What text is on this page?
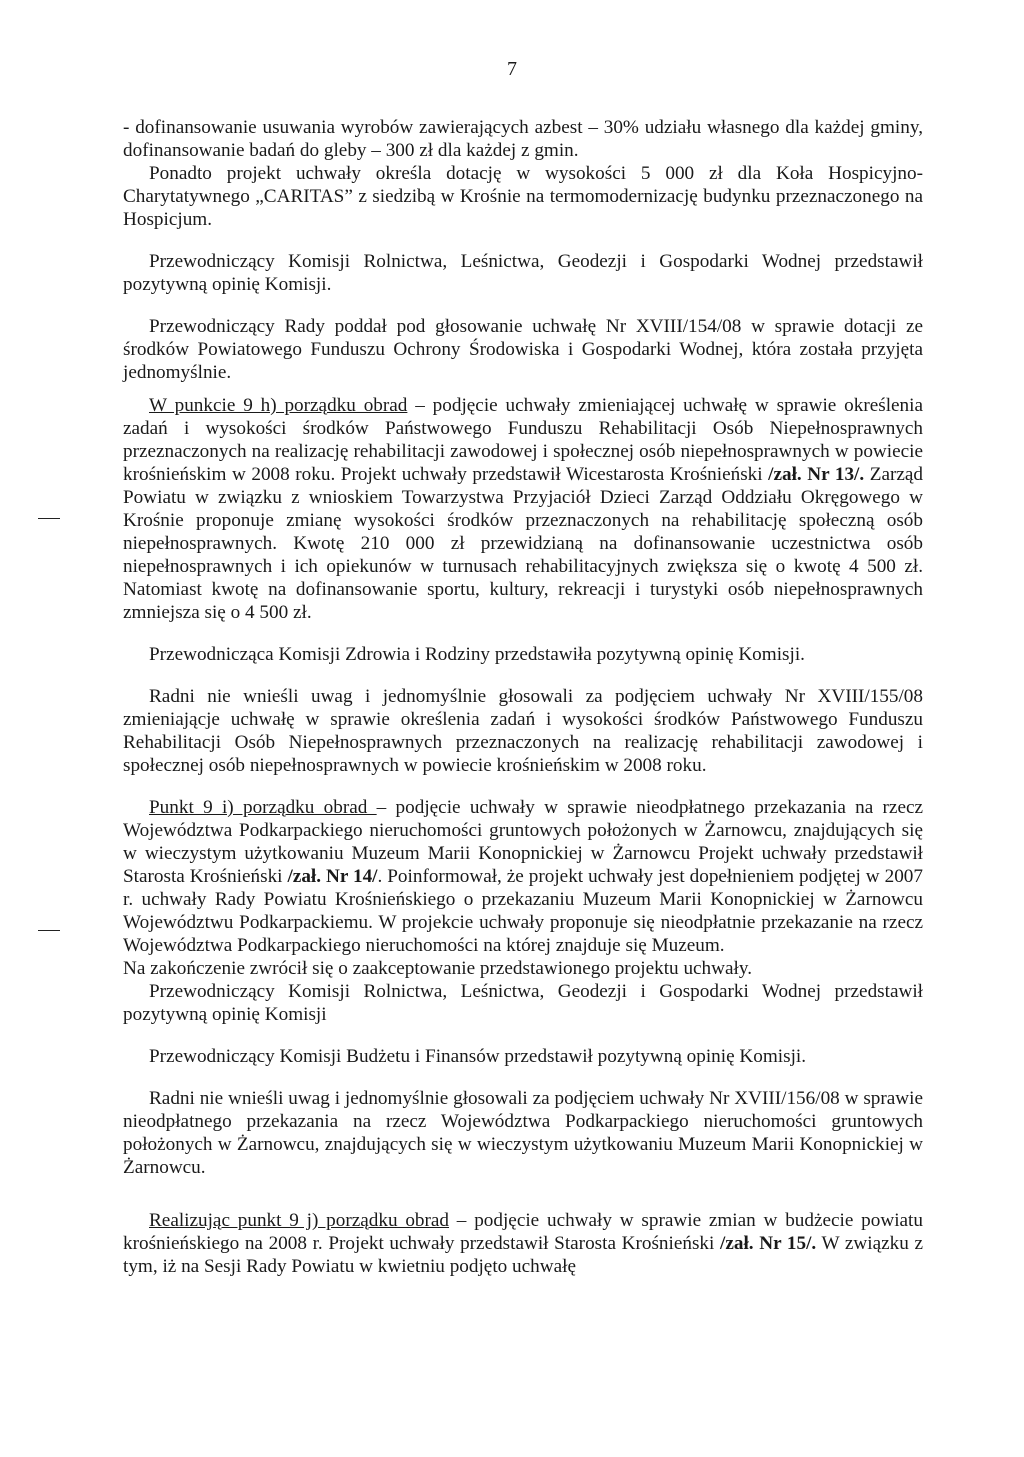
7

- dofinansowanie usuwania wyrobów zawierających azbest – 30% udziału własnego dla każdej gminy, dofinansowanie badań do gleby – 300 zł dla każdej z gmin.

Ponadto projekt uchwały określa dotację w wysokości 5 000 zł dla Koła Hospicyjno-Charytatywnego „CARITAS” z siedzibą w Krośnie na termomodernizację budynku przeznaczonego na Hospicjum.

Przewodniczący Komisji Rolnictwa, Leśnictwa, Geodezji i Gospodarki Wodnej przedstawił pozytywną opinię Komisji.

Przewodniczący Rady poddał pod głosowanie uchwałę Nr XVIII/154/08 w sprawie dotacji ze środków Powiatowego Funduszu Ochrony Środowiska i Gospodarki Wodnej, która została przyjęta jednomyślnie.

W punkcie 9 h) porządku obrad – podjęcie uchwały zmieniającej uchwałę w sprawie określenia zadań i wysokości środków Państwowego Funduszu Rehabilitacji Osób Niepełnosprawnych przeznaczonych na realizację rehabilitacji zawodowej i społecznej osób niepełnosprawnych w powiecie krośnieńskim w 2008 roku. Projekt uchwały przedstawił Wicestarosta Krośnieński /zał. Nr 13/. Zarząd Powiatu w związku z wnioskiem Towarzystwa Przyjaciół Dzieci Zarząd Oddziału Okręgowego w Krośnie proponuje zmianę wysokości środków przeznaczonych na rehabilitację społeczną osób niepełnosprawnych. Kwotę 210 000 zł przewidzianą na dofinansowanie uczestnictwa osób niepełnosprawnych i ich opiekunów w turnusach rehabilitacyjnych zwiększa się o kwotę 4 500 zł. Natomiast kwotę na dofinansowanie sportu, kultury, rekreacji i turystyki osób niepełnosprawnych zmniejsza się o 4 500 zł.

Przewodnicząca Komisji Zdrowia i Rodziny przedstawiła pozytywną opinię Komisji.

Radni nie wnieśli uwag i jednomyślnie głosowali za podjęciem uchwały Nr XVIII/155/08 zmieniającje uchwałę w sprawie określenia zadań i wysokości środków Państwowego Funduszu Rehabilitacji Osób Niepełnosprawnych przeznaczonych na realizację rehabilitacji zawodowej i społecznej osób niepełnosprawnych w powiecie krośnieńskim w 2008 roku.

Punkt 9 i) porządku obrad – podjęcie uchwały w sprawie nieodpłatnego przekazania na rzecz Województwa Podkarpackiego nieruchomości gruntowych położonych w Żarnowcu, znajdujących się w wieczystym użytkowaniu Muzeum Marii Konopnickiej w Żarnowcu Projekt uchwały przedstawił Starosta Krośnieński /zał. Nr 14/. Poinformował, że projekt uchwały jest dopełnieniem podjętej w 2007 r. uchwały Rady Powiatu Krośnieńskiego o przekazaniu Muzeum Marii Konopnickiej w Żarnowcu Województwu Podkarpackiemu. W projekcie uchwały proponuje się nieodpłatnie przekazanie na rzecz Województwa Podkarpackiego nieruchomości na której znajduje się Muzeum.

Na zakończenie zwrócił się o zaakceptowanie przedstawionego projektu uchwały.

Przewodniczący Komisji Rolnictwa, Leśnictwa, Geodezji i Gospodarki Wodnej przedstawił pozytywną opinię Komisji

Przewodniczący Komisji Budżetu i Finansów przedstawił pozytywną opinię Komisji.

Radni nie wnieśli uwag i jednomyślnie głosowali za podjęciem uchwały Nr XVIII/156/08 w sprawie nieodpłatnego przekazania na rzecz Województwa Podkarpackiego nieruchomości gruntowych położonych w Żarnowcu, znajdujących się w wieczystym użytkowaniu Muzeum Marii Konopnickiej w Żarnowcu.

Realizując punkt 9 j) porządku obrad – podjęcie uchwały w sprawie zmian w budżecie powiatu krośnieńskiego na 2008 r. Projekt uchwały przedstawił Starosta Krośnieński /zał. Nr 15/. W związku z tym, iż na Sesji Rady Powiatu w kwietniu podjęto uchwałę
